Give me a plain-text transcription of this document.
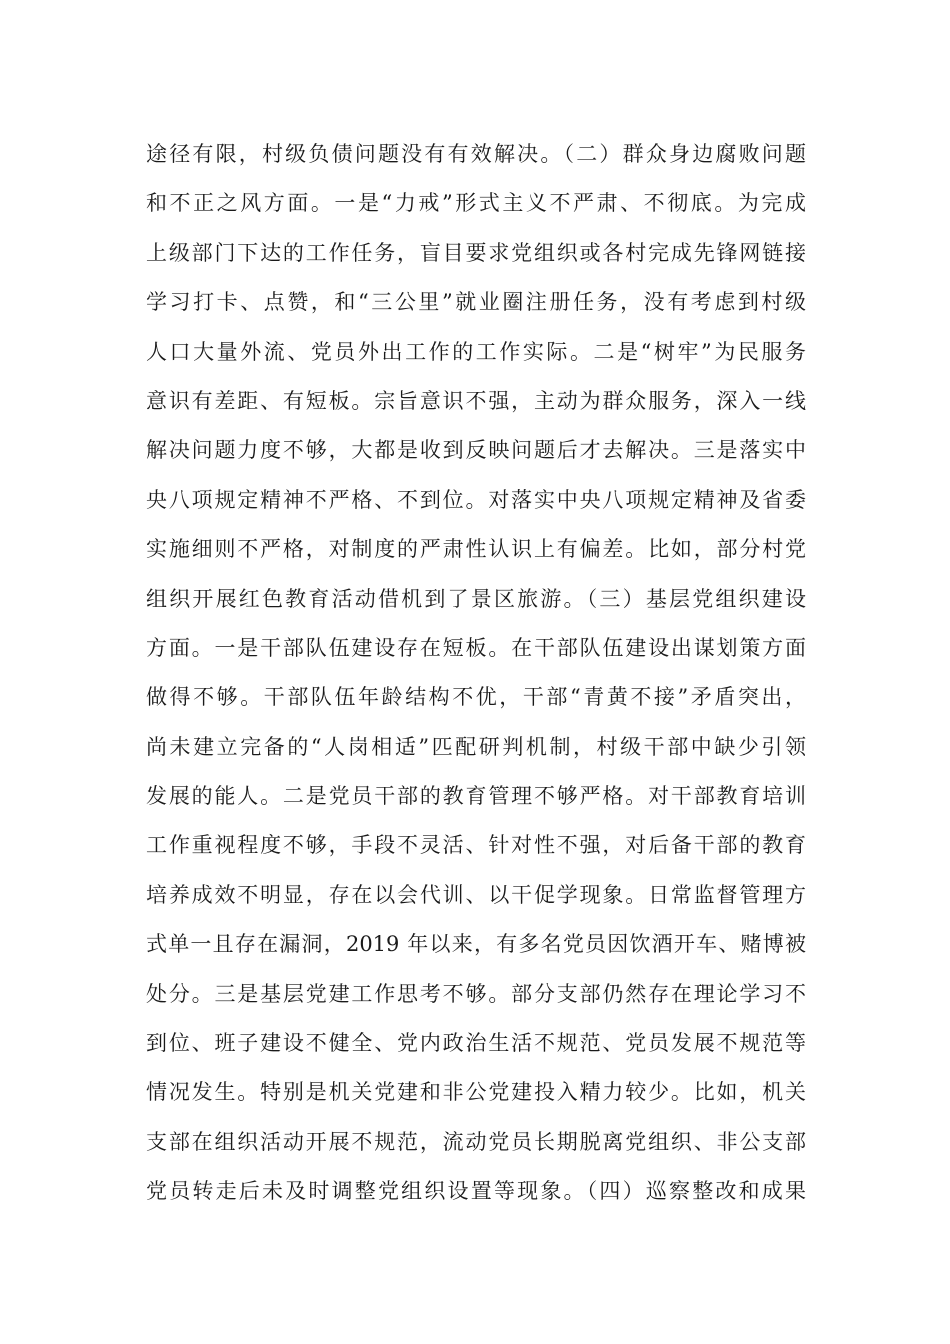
途径有限，村级负债问题没有有效解决。（二）群众身边腐败问题
和不正之风方面。一是“力戒”形式主义不严肃、不彻底。为完成
上级部门下达的工作任务，盲目要求党组织或各村完成先锋网链接
学习打卡、点赞，和“三公里”就业圈注册任务，没有考虑到村级
人口大量外流、党员外出工作的工作实际。二是“树牢”为民服务
意识有差距、有短板。宗旨意识不强，主动为群众服务，深入一线
解决问题力度不够，大都是收到反映问题后才去解决。三是落实中
央八项规定精神不严格、不到位。对落实中央八项规定精神及省委
实施细则不严格，对制度的严肃性认识上有偏差。比如，部分村党
组织开展红色教育活动借机到了景区旅游。（三）基层党组织建设
方面。一是干部队伍建设存在短板。在干部队伍建设出谋划策方面
做得不够。干部队伍年龄结构不优，干部“青黄不接”矛盾突出，
尚未建立完备的“人岗相适”匹配研判机制，村级干部中缺少引领
发展的能人。二是党员干部的教育管理不够严格。对干部教育培训
工作重视程度不够，手段不灵活、针对性不强，对后备干部的教育
培养成效不明显，存在以会代训、以干促学现象。日常监督管理方
式单一且存在漏洞，2019 年以来，有多名党员因饮酒开车、赌博被
处分。三是基层党建工作思考不够。部分支部仍然存在理论学习不
到位、班子建设不健全、党内政治生活不规范、党员发展不规范等
情况发生。特别是机关党建和非公党建投入精力较少。比如，机关
支部在组织活动开展不规范，流动党员长期脱离党组织、非公支部
党员转走后未及时调整党组织设置等现象。（四）巡察整改和成果
